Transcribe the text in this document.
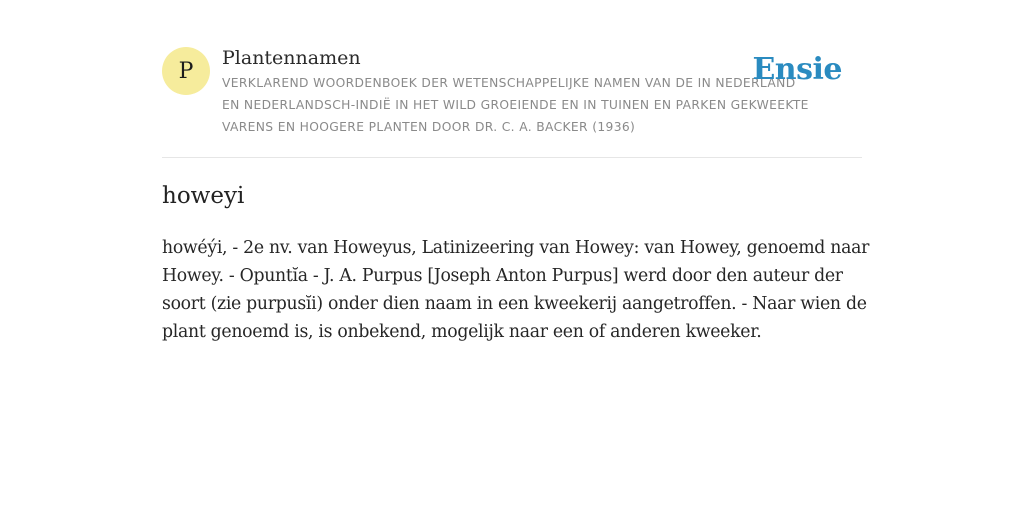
P
Plantennamen
VERKLAREND WOORDENBOEK DER WETENSCHAPPELIJKE NAMEN VAN DE IN NEDERLAND EN NEDERLANDSCH-INDIË IN HET WILD GROEIENDE EN IN TUINEN EN PARKEN GEKWEEKTE VARENS EN HOOGERE PLANTEN DOOR DR. C. A. BACKER (1936)
Ensie
howeyi

howéýi, - 2e nv. van Howeyus, Latinizeering van Howey: van Howey, genoemd naar Howey. - Opuntĭa - J. A. Purpus [Joseph Anton Purpus] werd door den auteur der soort (zie purpusĭi) onder dien naam in een kweekerij aangetroffen. - Naar wien de plant genoemd is, is onbekend, mogelijk naar een of anderen kweeker.
